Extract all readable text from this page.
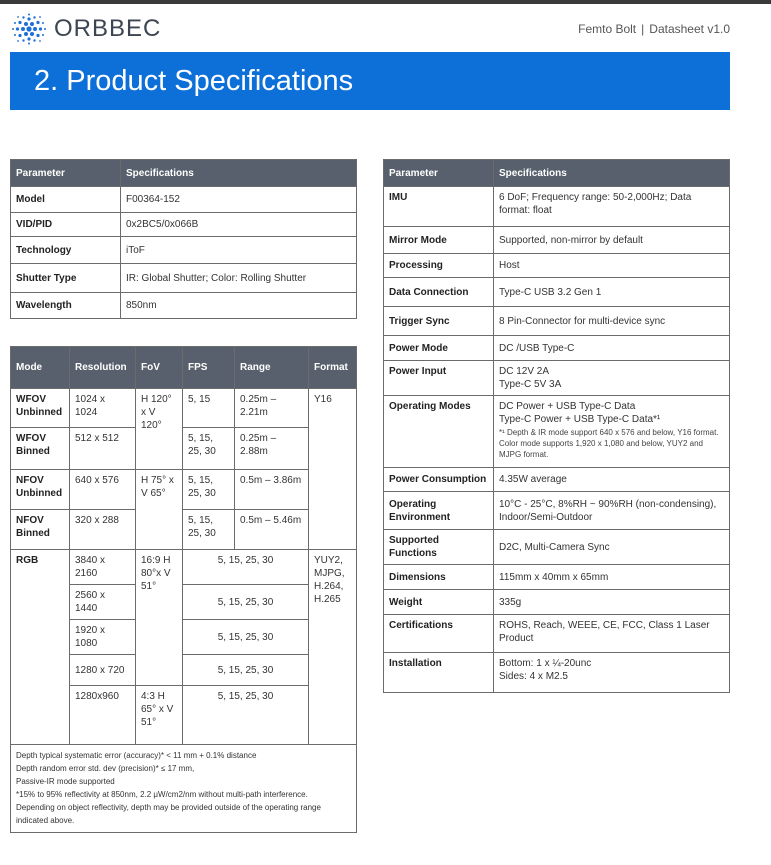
ORBBEC	Femto Bolt | Datasheet v1.0
2. Product Specifications
Parameter	Specifications
Model	F00364-152
VID/PID	0x2BC5/0x066B
Technology	iToF
Shutter Type	IR: Global Shutter; Color: Rolling Shutter
Wavelength	850nm
Mode	Resolution	FoV	FPS	Range	Format
WFOV Unbinned	1024 x 1024	H 120° x V 120°	5, 15	0.25m – 2.21m	Y16
WFOV Binned	512 x 512		5, 15, 25, 30	0.25m –2.88m	
NFOV Unbinned	640 x 576	H 75° x V 65°	5, 15, 25, 30	0.5m – 3.86m	
NFOV Binned	320 x 288		5, 15, 25, 30	0.5m – 5.46m	
RGB	3840 x 2160	16:9 H 80°x V 51°	5, 15, 25, 30		YUY2, MJPG, H.264, H.265
	2560 x 1440		5, 15, 25, 30		
	1920 x 1080		5, 15, 25, 30		
	1280 x 720		5, 15, 25, 30		
	1280x960	4:3 H 65° x V 51°	5, 15, 25, 30		

Depth typical systematic error (accuracy)* < 11 mm + 0.1% distance
Depth random error std. dev (precision)* ≤ 17 mm,
Passive-IR mode supported
*15% to 95% reflectivity at 850nm, 2.2 μW/cm2/nm without multi-path interference.
Depending on object reflectivity, depth may be provided outside of the operating range indicated above.					
Parameter	Specifications
IMU	6 DoF; Frequency range: 50-2,000Hz; Data format: float
Mirror Mode	Supported, non-mirror by default
Processing	Host
Data Connection	Type-C USB 3.2 Gen 1
Trigger Sync	8 Pin-Connector for multi-device sync
Power Mode	DC /USB Type-C
Power Input	DC 12V 2A
Type-C 5V 3A

Operating Modes	DC Power + USB Type-C Data
Type-C Power + USB Type-C Data*¹
*¹ Depth & IR mode support 640 x 576 and below, Y16 format. Color mode supports 1,920 x 1,080 and below, YUY2 and MJPG format.

Power Consumption	4.35W average
Operating Environment	10°C - 25°C, 8%RH ~ 90%RH (non-condensing),
Indoor/Semi-Outdoor

Supported Functions	D2C, Multi-Camera Sync
Dimensions	115mm x 40mm x 65mm
Weight	335g
Certifications	ROHS, Reach, WEEE, CE, FCC, Class 1 Laser Product
Installation	Bottom: 1 x ¼-20unc
Sides: 4 x M2.5
